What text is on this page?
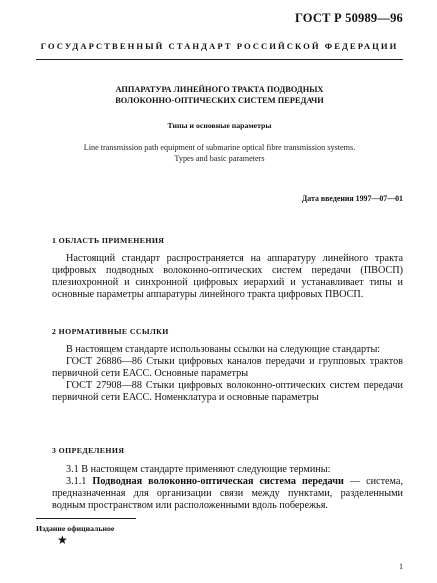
ГОСТ Р 50989—96
ГОСУДАРСТВЕННЫЙ СТАНДАРТ РОССИЙСКОЙ ФЕДЕРАЦИИ
АППАРАТУРА ЛИНЕЙНОГО ТРАКТА ПОДВОДНЫХ
ВОЛОКОННО-ОПТИЧЕСКИХ СИСТЕМ ПЕРЕДАЧИ
Типы и основные параметры
Line transmission path equipment of submarine optical fibre transmission systems.
Types and basic parameters
Дата введения 1997—07—01
1 ОБЛАСТЬ ПРИМЕНЕНИЯ

Настоящий стандарт распространяется на аппаратуру линейного тракта цифровых подводных волоконно-оптических систем передачи (ПВОСП) плезиохронной и синхронной цифровых иерархий и устанавливает типы и основные параметры аппаратуры линейного тракта цифровых ПВОСП.

2 НОРМАТИВНЫЕ ССЫЛКИ

В настоящем стандарте использованы ссылки на следующие стандарты:

ГОСТ 26886—86 Стыки цифровых каналов передачи и групповых трактов первичной сети ЕАСС. Основные параметры

ГОСТ 27908—88 Стыки цифровых волоконно-оптических систем передачи первичной сети ЕАСС. Номенклатура и основные параметры

3 ОПРЕДЕЛЕНИЯ

3.1 В настоящем стандарте применяют следующие термины:

3.1.1 Подводная волоконно-оптическая система передачи — система, предназначенная для организации связи между пунктами, разделенными водным пространством или расположенными вдоль побережья.

Издание официальное
★
1
